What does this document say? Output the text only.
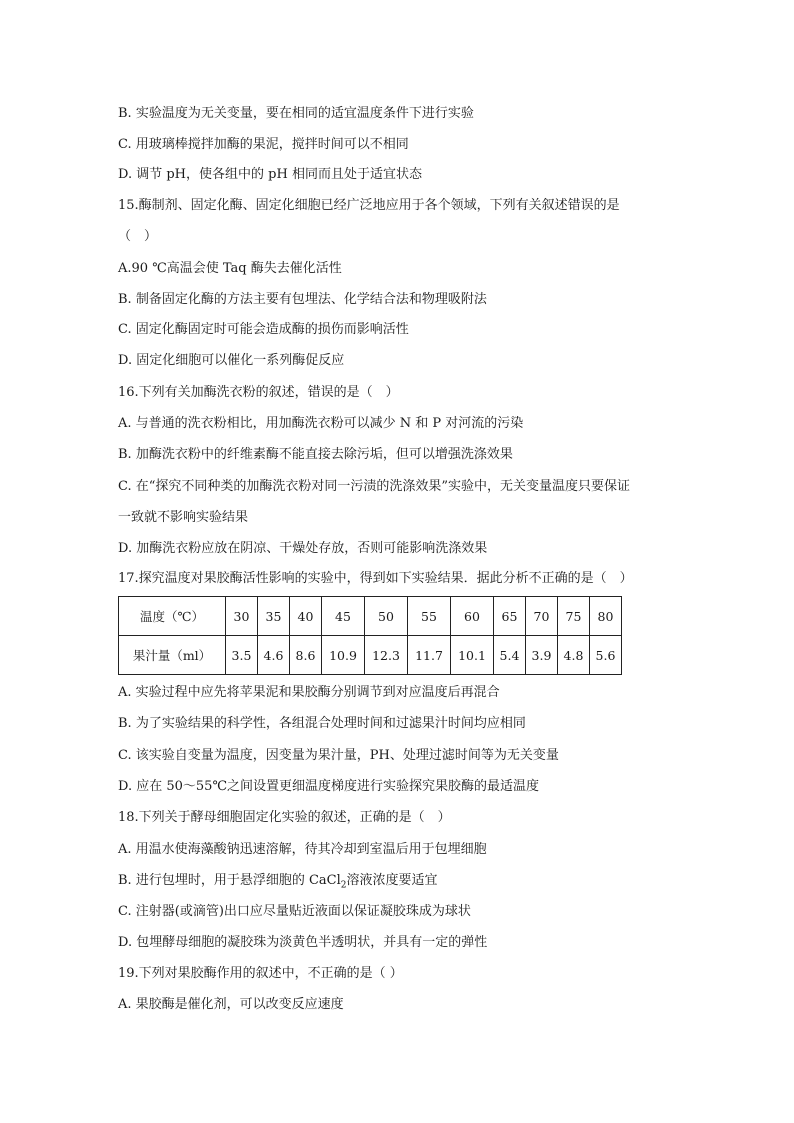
B. 实验温度为无关变量，要在相同的适宜温度条件下进行实验
C. 用玻璃棒搅拌加酶的果泥，搅拌时间可以不相同
D. 调节 pH，使各组中的 pH 相同而且处于适宜状态
15.酶制剂、固定化酶、固定化细胞已经广泛地应用于各个领域，下列有关叙述错误的是
（　）
A.90 ℃高温会使 Taq 酶失去催化活性
B. 制备固定化酶的方法主要有包埋法、化学结合法和物理吸附法
C. 固定化酶固定时可能会造成酶的损伤而影响活性
D. 固定化细胞可以催化一系列酶促反应
16.下列有关加酶洗衣粉的叙述，错误的是（　）
A. 与普通的洗衣粉相比，用加酶洗衣粉可以减少 N 和 P 对河流的污染
B. 加酶洗衣粉中的纤维素酶不能直接去除污垢，但可以增强洗涤效果
C. 在“探究不同种类的加酶洗衣粉对同一污渍的洗涤效果”实验中，无关变量温度只要保证
一致就不影响实验结果
D. 加酶洗衣粉应放在阴凉、干燥处存放，否则可能影响洗涤效果
17.探究温度对果胶酶活性影响的实验中，得到如下实验结果．据此分析不正确的是（　）
A. 实验过程中应先将苹果泥和果胶酶分别调节到对应温度后再混合
B. 为了实验结果的科学性，各组混合处理时间和过滤果汁时间均应相同
C. 该实验自变量为温度，因变量为果汁量，PH、处理过滤时间等为无关变量
D. 应在 50～55℃之间设置更细温度梯度进行实验探究果胶酶的最适温度
18.下列关于酵母细胞固定化实验的叙述，正确的是（　）
A. 用温水使海藻酸钠迅速溶解，待其冷却到室温后用于包埋细胞
B. 进行包埋时，用于悬浮细胞的 CaCl$_2$溶液浓度要适宜
C. 注射器(或滴管)出口应尽量贴近液面以保证凝胶珠成为球状
D. 包埋酵母细胞的凝胶珠为淡黄色半透明状，并具有一定的弹性
19.下列对果胶酶作用的叙述中，不正确的是（ ）
A. 果胶酶是催化剂，可以改变反应速度
温度（℃）	30	35	40	45	50	55	60	65	70	75	80
果汁量（ml）	3.5	4.6	8.6	10.9	12.3	11.7	10.1	5.4	3.9	4.8	5.6
